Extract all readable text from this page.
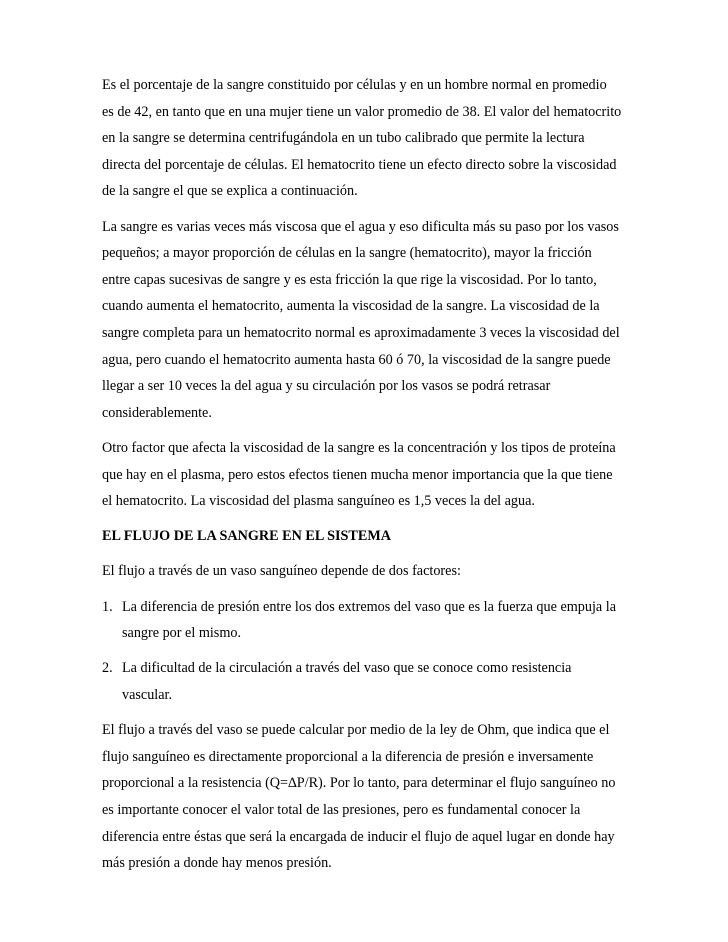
Es el porcentaje de la sangre constituido por células y en un hombre normal en promedio es de 42, en tanto que en una mujer tiene un valor promedio de 38. El valor del hematocrito en la sangre se determina centrifugándola en un tubo calibrado que permite la lectura directa del porcentaje de células. El hematocrito tiene un efecto directo sobre la viscosidad de la sangre el que se explica a continuación.

La sangre es varias veces más viscosa que el agua y eso dificulta más su paso por los vasos pequeños; a mayor proporción de células en la sangre (hematocrito), mayor la fricción entre capas sucesivas de sangre y es esta fricción la que rige la viscosidad. Por lo tanto, cuando aumenta el hematocrito, aumenta la viscosidad de la sangre. La viscosidad de la sangre completa para un hematocrito normal es aproximadamente 3 veces la viscosidad del agua, pero cuando el hematocrito aumenta hasta 60 ó 70, la viscosidad de la sangre puede llegar a ser 10 veces la del agua y su circulación por los vasos se podrá retrasar considerablemente.

Otro factor que afecta la viscosidad de la sangre es la concentración y los tipos de proteína que hay en el plasma, pero estos efectos tienen mucha menor importancia que la que tiene el hematocrito. La viscosidad del plasma sanguíneo es 1,5 veces la del agua.

EL FLUJO DE LA SANGRE EN EL SISTEMA

El flujo a través de un vaso sanguíneo depende de dos factores:

1. La diferencia de presión entre los dos extremos del vaso que es la fuerza que empuja la sangre por el mismo.
2. La dificultad de la circulación a través del vaso que se conoce como resistencia vascular.

El flujo a través del vaso se puede calcular por medio de la ley de Ohm, que indica que el flujo sanguíneo es directamente proporcional a la diferencia de presión e inversamente proporcional a la resistencia (Q=∆P/R). Por lo tanto, para determinar el flujo sanguíneo no es importante conocer el valor total de las presiones, pero es fundamental conocer la diferencia entre éstas que será la encargada de inducir el flujo de aquel lugar en donde hay más presión a donde hay menos presión.
